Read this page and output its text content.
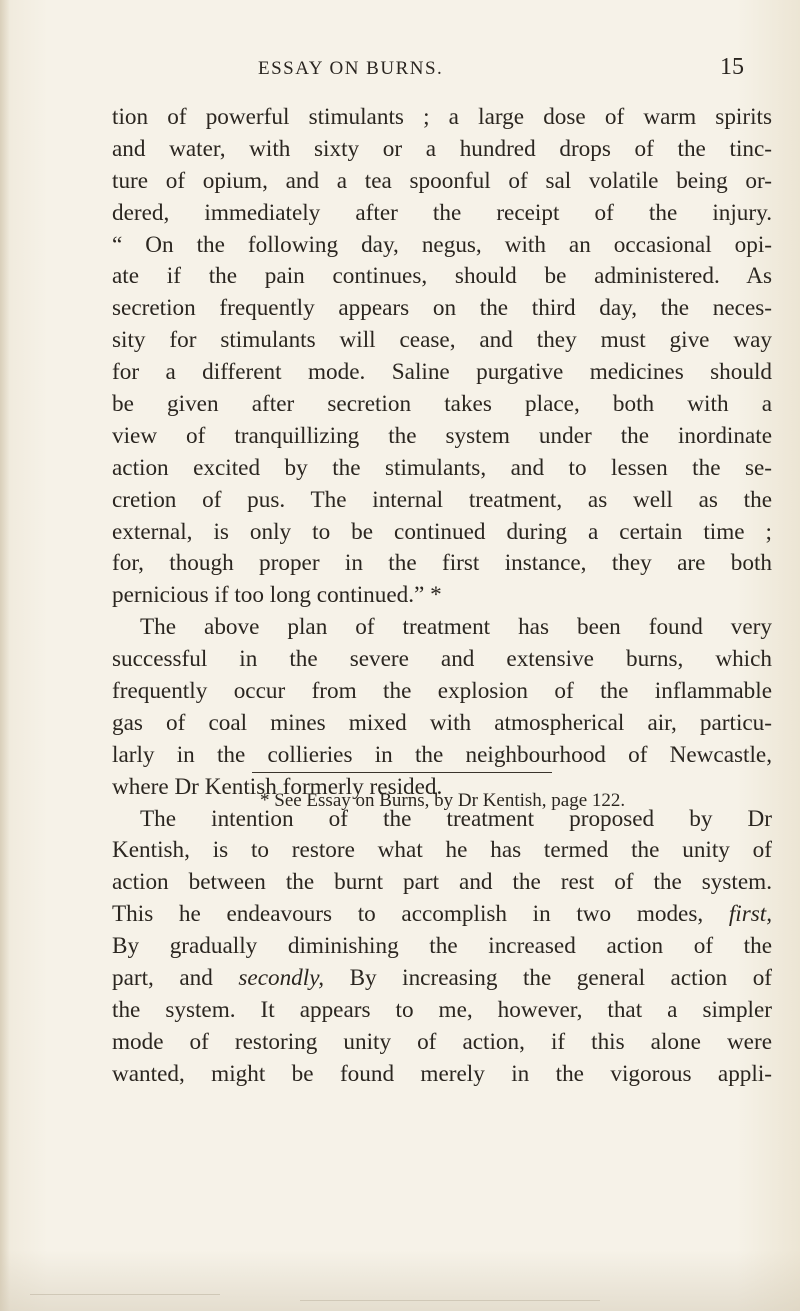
ESSAY ON BURNS.	15
tion of powerful stimulants ; a large dose of warm spirits
and water, with sixty or a hundred drops of the tinc-
ture of opium, and a tea spoonful of sal volatile being or-
dered, immediately after the receipt of the injury.
“ On the following day, negus, with an occasional opi-
ate if the pain continues, should be administered. As
secretion frequently appears on the third day, the neces-
sity for stimulants will cease, and they must give way
for a different mode. Saline purgative medicines should
be given after secretion takes place, both with a
view of tranquillizing the system under the inordinate
action excited by the stimulants, and to lessen the se-
cretion of pus. The internal treatment, as well as the
external, is only to be continued during a certain time ;
for, though proper in the first instance, they are both
pernicious if too long continued.” *
The above plan of treatment has been found very
successful in the severe and extensive burns, which
frequently occur from the explosion of the inflammable
gas of coal mines mixed with atmospherical air, particu-
larly in the collieries in the neighbourhood of Newcastle,
where Dr Kentish formerly resided.
The intention of the treatment proposed by Dr
Kentish, is to restore what he has termed the unity of
action between the burnt part and the rest of the system.
This he endeavours to accomplish in two modes, first,
By gradually diminishing the increased action of the
part, and secondly, By increasing the general action of
the system. It appears to me, however, that a simpler
mode of restoring unity of action, if this alone were
wanted, might be found merely in the vigorous appli-
* See Essay on Burns, by Dr Kentish, page 122.
